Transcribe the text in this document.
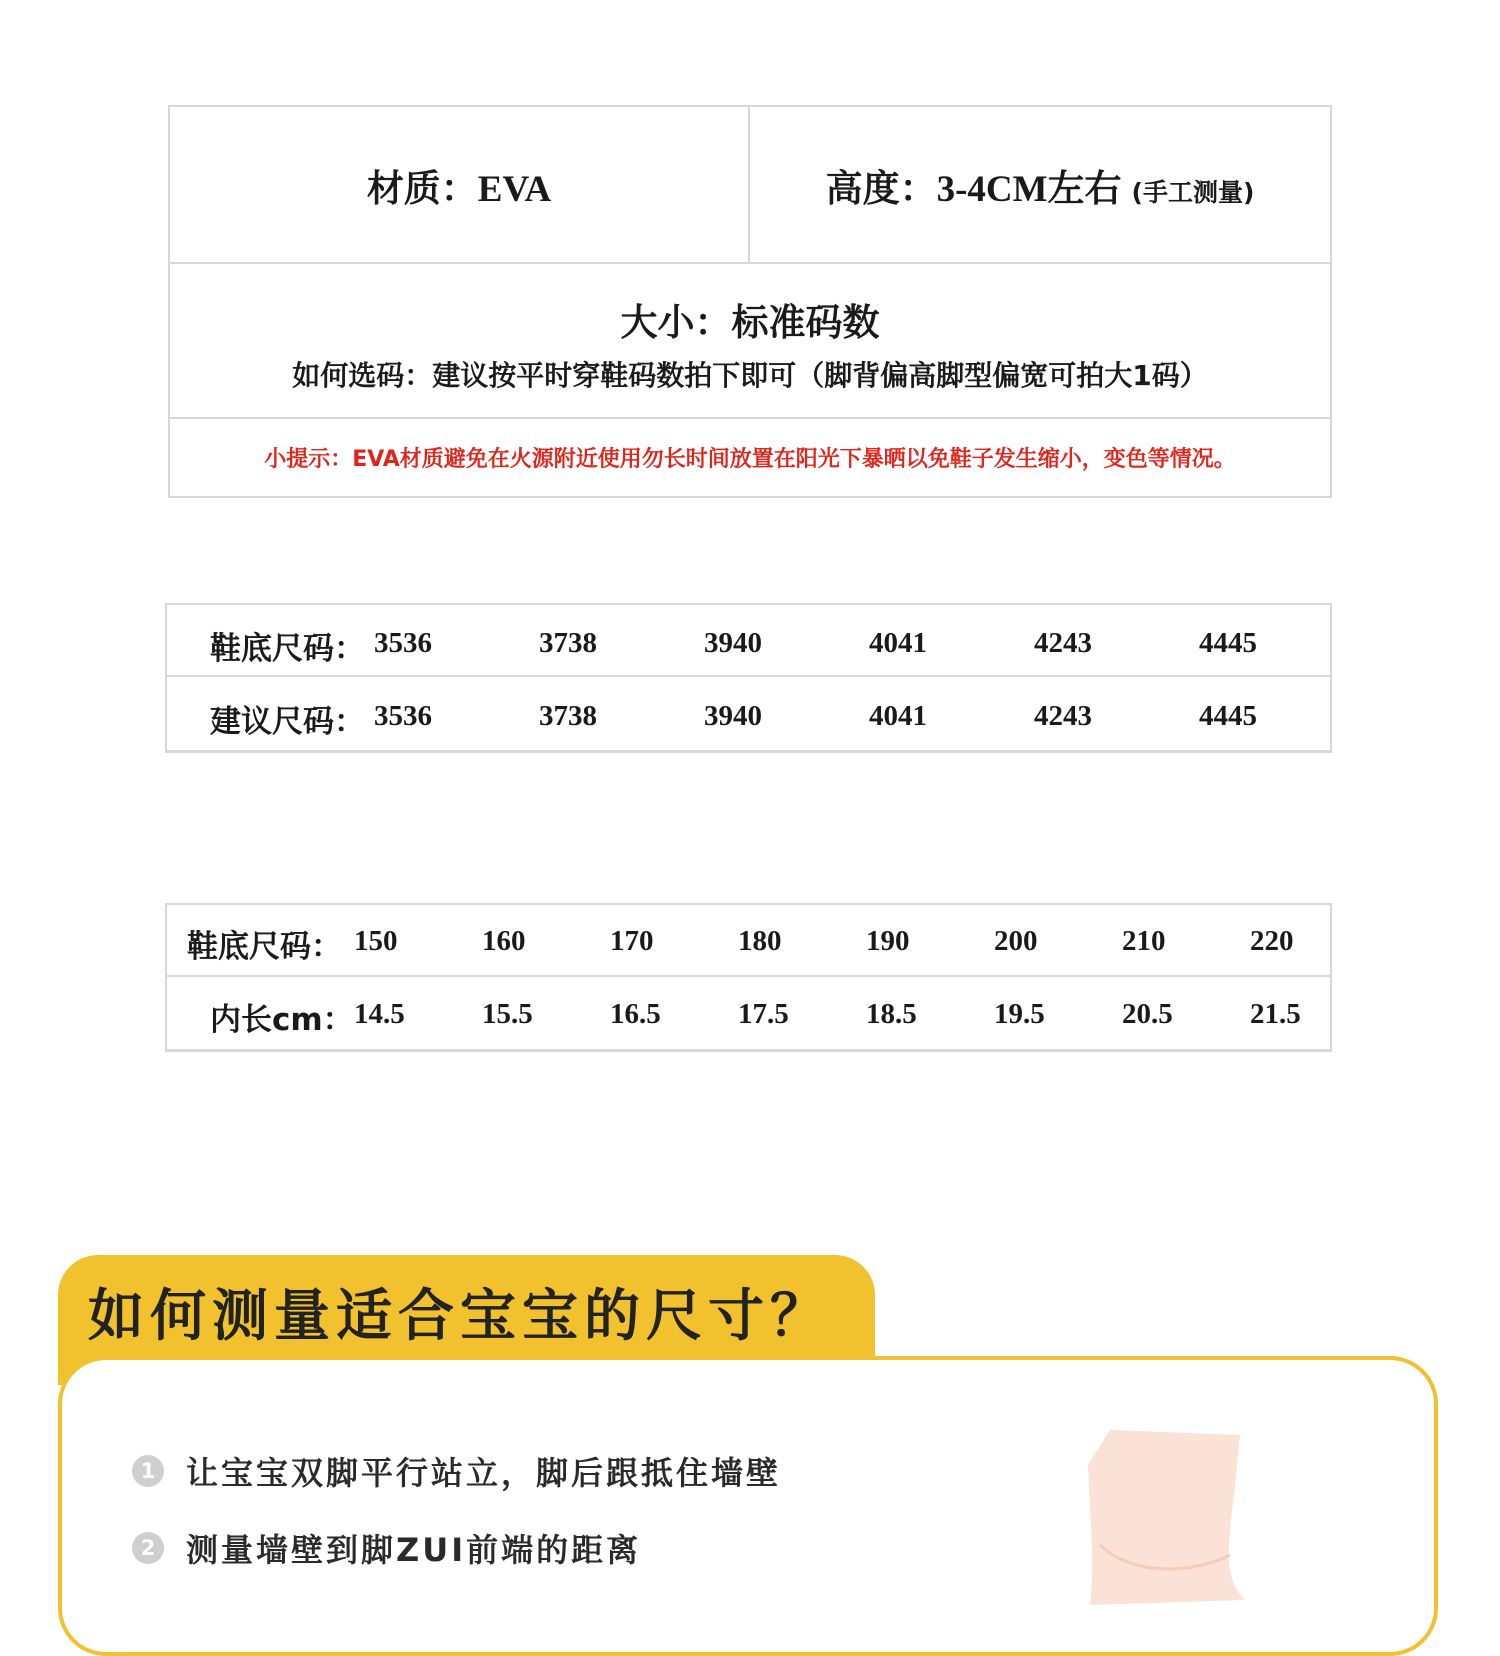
材质：EVA	高度：3-4CM左右 (手工测量)
大小：标准码数
如何选码：建议按平时穿鞋码数拍下即可（脚背偏高脚型偏宽可拍大1码）
小提示：EVA材质避免在火源附近使用勿长时间放置在阳光下暴晒以免鞋子发生缩小，变色等情况。
鞋底尺码： 3536	3738	3940	4041	4243	4445
建议尺码： 3536	3738	3940	4041	4243	4445
鞋底尺码： 150	160	170	180	190	200	210	220
内长cm： 14.5	15.5	16.5	17.5	18.5	19.5	20.5	21.5
如何测量适合宝宝的尺寸？
1 让宝宝双脚平行站立，脚后跟抵住墙壁
2 测量墙壁到脚ZUI前端的距离
